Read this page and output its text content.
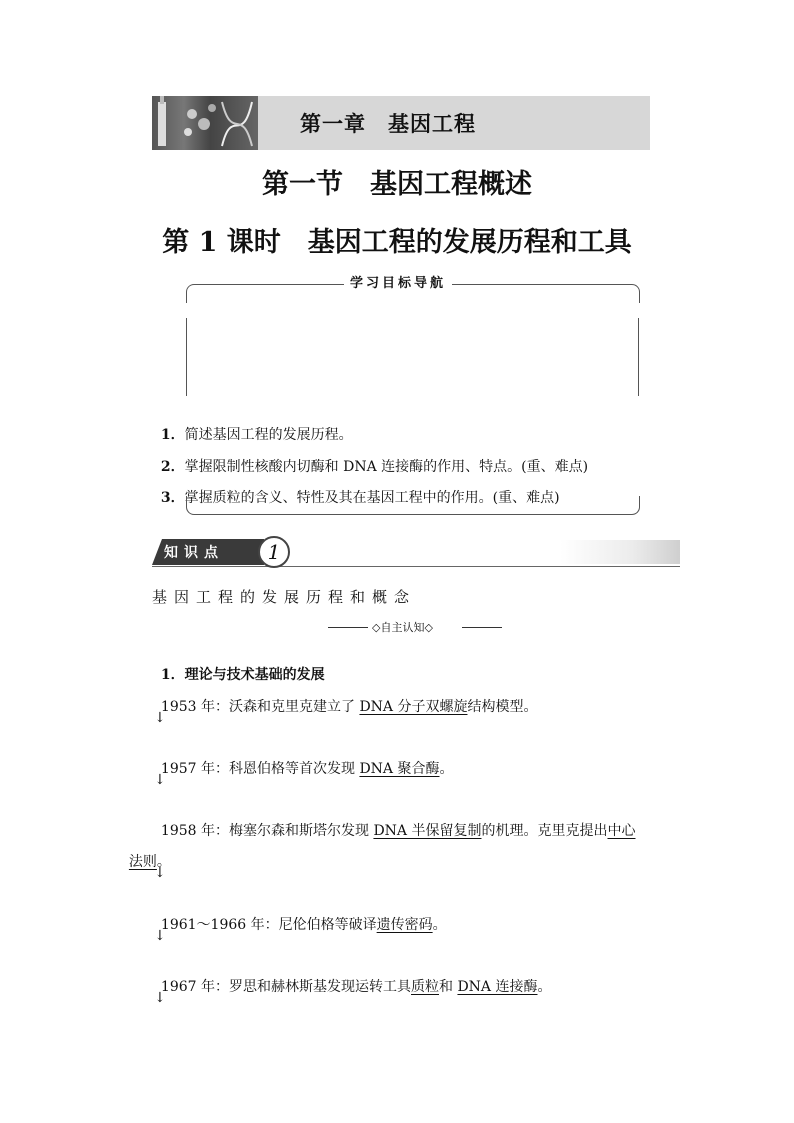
第一章　基因工程
第一节　基因工程概述
第 1 课时　基因工程的发展历程和工具
学习目标导航

1．简述基因工程的发展历程。

2．掌握限制性核酸内切酶和 DNA 连接酶的作用、特点。(重、难点)

3．掌握质粒的含义、特性及其在基因工程中的作用。(重、难点)

知识点	1
基因工程的发展历程和概念
◇自主认知◇

1．理论与技术基础的发展

1953 年：沃森和克里克建立了 DNA 分子双螺旋结构模型。

↓

1957 年：科恩伯格等首次发现 DNA 聚合酶。

↓

1958 年：梅塞尔森和斯塔尔发现 DNA 半保留复制的机理。克里克提出中心

法则。

↓

1961～1966 年：尼伦伯格等破译遗传密码。

↓

1967 年：罗思和赫林斯基发现运转工具质粒和 DNA 连接酶。

↓
